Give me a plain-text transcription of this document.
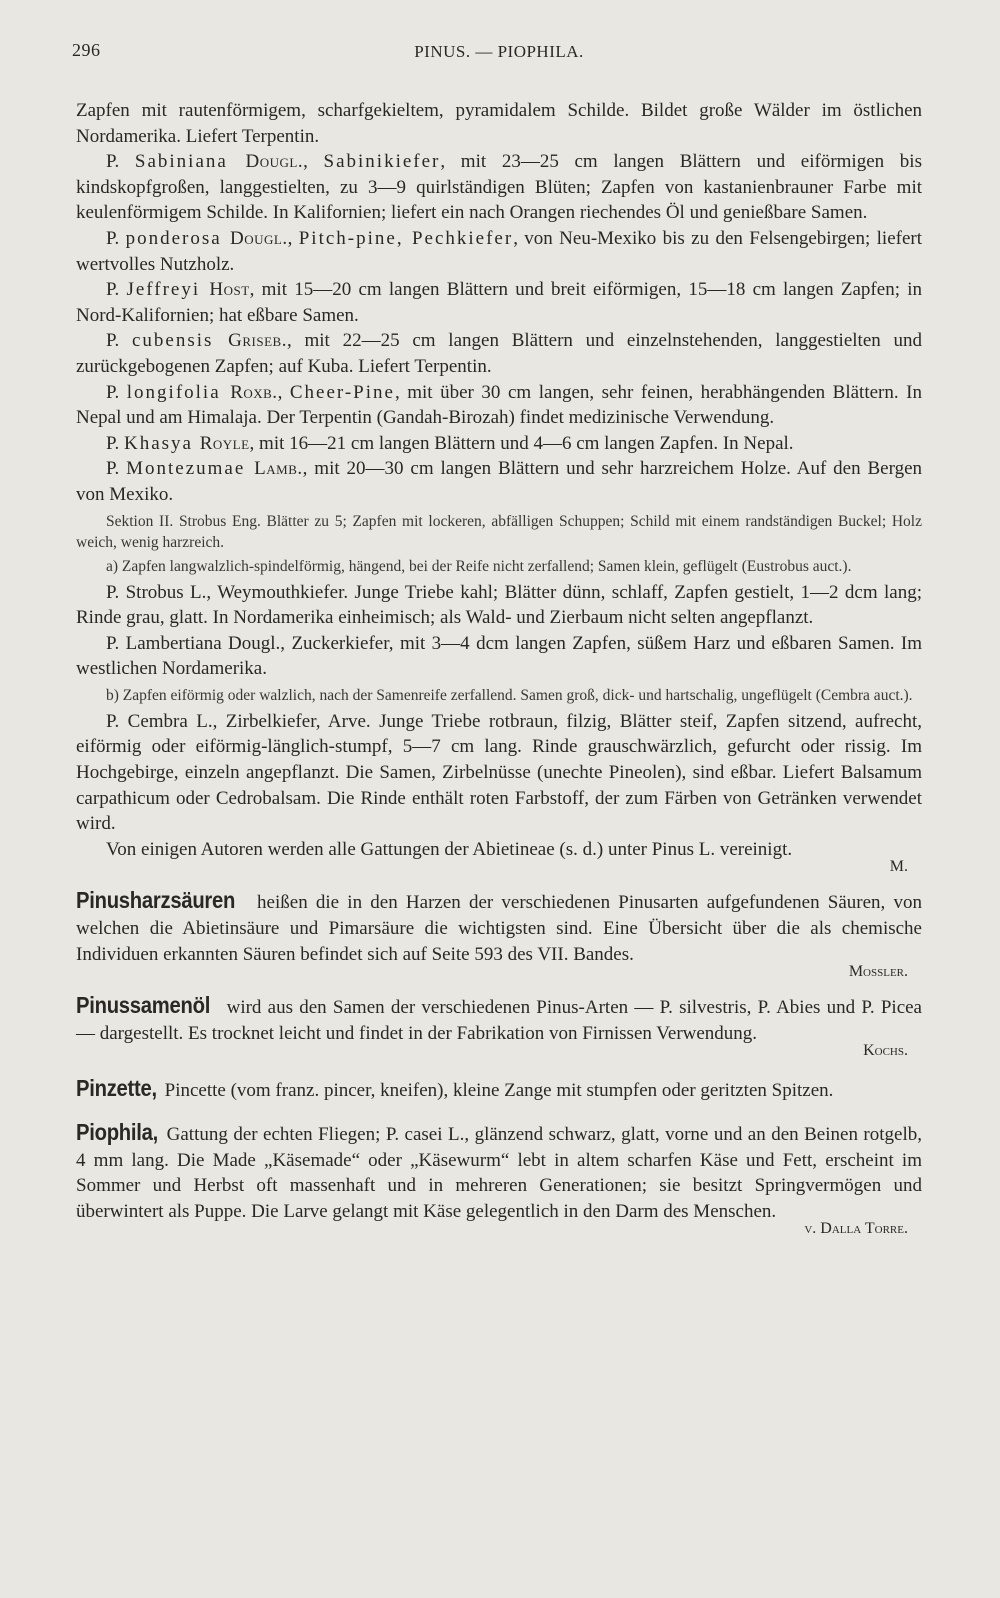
296	PINUS. — PIOPHILA.

Zapfen mit rautenförmigem, scharfgekieltem, pyramidalem Schilde. Bildet große Wälder im östlichen Nordamerika. Liefert Terpentin.

P. Sabiniana Dougl., Sabinikiefer, mit 23—25 cm langen Blättern und eiförmigen bis kindskopfgroßen, langgestielten, zu 3—9 quirlständigen Blüten; Zapfen von kastanienbrauner Farbe mit keulenförmigem Schilde. In Kalifornien; liefert ein nach Orangen riechendes Öl und genießbare Samen.

P. ponderosa Dougl., Pitch-pine, Pechkiefer, von Neu-Mexiko bis zu den Felsengebirgen; liefert wertvolles Nutzholz.

P. Jeffreyi Host, mit 15—20 cm langen Blättern und breit eiförmigen, 15—18 cm langen Zapfen; in Nord-Kalifornien; hat eßbare Samen.

P. cubensis Griseb., mit 22—25 cm langen Blättern und einzelnstehenden, langgestielten und zurückgebogenen Zapfen; auf Kuba. Liefert Terpentin.

P. longifolia Roxb., Cheer-Pine, mit über 30 cm langen, sehr feinen, herabhängenden Blättern. In Nepal und am Himalaja. Der Terpentin (Gandah-Birozah) findet medizinische Verwendung.

P. Khasya Royle, mit 16—21 cm langen Blättern und 4—6 cm langen Zapfen. In Nepal.

P. Montezumae Lamb., mit 20—30 cm langen Blättern und sehr harzreichem Holze. Auf den Bergen von Mexiko.

Sektion II. Strobus Eng. Blätter zu 5; Zapfen mit lockeren, abfälligen Schuppen; Schild mit einem randständigen Buckel; Holz weich, wenig harzreich.

a) Zapfen langwalzlich-spindelförmig, hängend, bei der Reife nicht zerfallend; Samen klein, geflügelt (Eustrobus auct.).

P. Strobus L., Weymouthkiefer. Junge Triebe kahl; Blätter dünn, schlaff, Zapfen gestielt, 1—2 dcm lang; Rinde grau, glatt. In Nordamerika einheimisch; als Wald- und Zierbaum nicht selten angepflanzt.

P. Lambertiana Dougl., Zuckerkiefer, mit 3—4 dcm langen Zapfen, süßem Harz und eßbaren Samen. Im westlichen Nordamerika.

b) Zapfen eiförmig oder walzlich, nach der Samenreife zerfallend. Samen groß, dick- und hartschalig, ungeflügelt (Cembra auct.).

P. Cembra L., Zirbelkiefer, Arve. Junge Triebe rotbraun, filzig, Blätter steif, Zapfen sitzend, aufrecht, eiförmig oder eiförmig-länglich-stumpf, 5—7 cm lang. Rinde grauschwärzlich, gefurcht oder rissig. Im Hochgebirge, einzeln angepflanzt. Die Samen, Zirbelnüsse (unechte Pineolen), sind eßbar. Liefert Balsamum carpathicum oder Cedrobalsam. Die Rinde enthält roten Farbstoff, der zum Färben von Getränken verwendet wird.

Von einigen Autoren werden alle Gattungen der Abietineae (s. d.) unter Pinus L. vereinigt.

M.

Pinusharzsäuren heißen die in den Harzen der verschiedenen Pinusarten aufgefundenen Säuren, von welchen die Abietinsäure und Pimarsäure die wichtigsten sind. Eine Übersicht über die als chemische Individuen erkannten Säuren befindet sich auf Seite 593 des VII. Bandes.

Mossler.

Pinussamenöl wird aus den Samen der verschiedenen Pinus-Arten — P. silvestris, P. Abies und P. Picea — dargestellt. Es trocknet leicht und findet in der Fabrikation von Firnissen Verwendung.

Kochs.

Pinzette, Pincette (vom franz. pincer, kneifen), kleine Zange mit stumpfen oder geritzten Spitzen.

Piophila, Gattung der echten Fliegen; P. casei L., glänzend schwarz, glatt, vorne und an den Beinen rotgelb, 4 mm lang. Die Made „Käsemade“ oder „Käsewurm“ lebt in altem scharfen Käse und Fett, erscheint im Sommer und Herbst oft massenhaft und in mehreren Generationen; sie besitzt Springvermögen und überwintert als Puppe. Die Larve gelangt mit Käse gelegentlich in den Darm des Menschen.

v. Dalla Torre.
